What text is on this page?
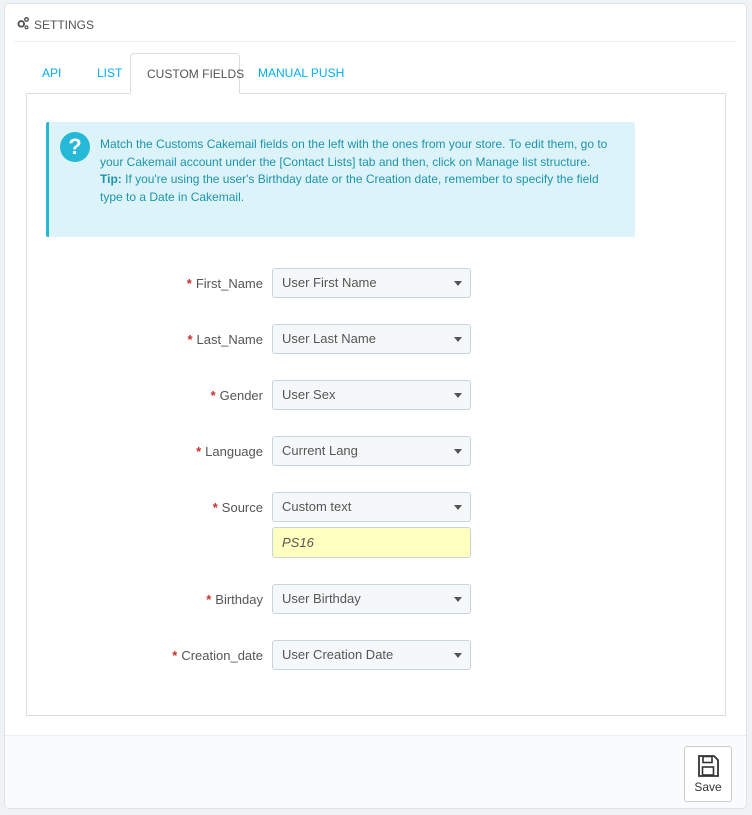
SETTINGS
API	LIST	CUSTOM FIELDS	MANUAL PUSH
?	Match the Customs Cakemail fields on the left with the ones from your store. To edit them, go to your Cakemail account under the [Contact Lists] tab and then, click on Manage list structure.
Tip: If you're using the user's Birthday date or the Creation date, remember to specify the field type to a Date in Cakemail.
* First_Name User First Name
* Last_Name User Last Name
* Gender User Sex
* Language Current Lang
* Source Custom text
PS16
* Birthday User Birthday
* Creation_date User Creation Date
Save
